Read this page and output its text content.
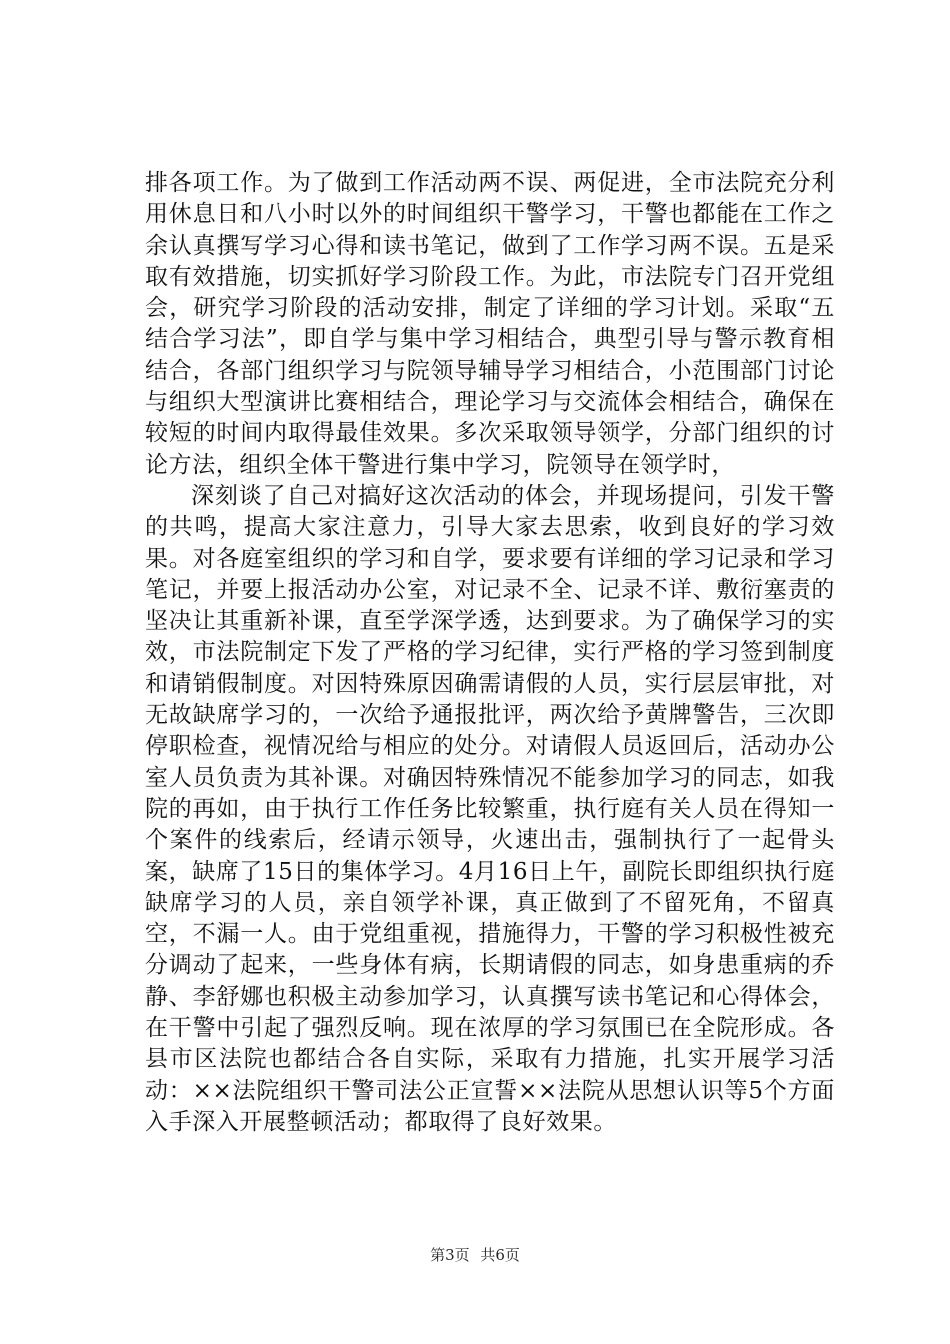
排各项工作。为了做到工作活动两不误、两促进，全市法院充分利用休息日和八小时以外的时间组织干警学习，干警也都能在工作之余认真撰写学习心得和读书笔记，做到了工作学习两不误。五是采取有效措施，切实抓好学习阶段工作。为此，市法院专门召开党组会，研究学习阶段的活动安排，制定了详细的学习计划。采取“五结合学习法”，即自学与集中学习相结合，典型引导与警示教育相结合，各部门组织学习与院领导辅导学习相结合，小范围部门讨论与组织大型演讲比赛相结合，理论学习与交流体会相结合，确保在较短的时间内取得最佳效果。多次采取领导领学，分部门组织的讨论方法，组织全体干警进行集中学习，院领导在领学时，

深刻谈了自己对搞好这次活动的体会，并现场提问，引发干警的共鸣，提高大家注意力，引导大家去思索，收到良好的学习效果。对各庭室组织的学习和自学，要求要有详细的学习记录和学习笔记，并要上报活动办公室，对记录不全、记录不详、敷衍塞责的坚决让其重新补课，直至学深学透，达到要求。为了确保学习的实效，市法院制定下发了严格的学习纪律，实行严格的学习签到制度和请销假制度。对因特殊原因确需请假的人员，实行层层审批，对无故缺席学习的，一次给予通报批评，两次给予黄牌警告，三次即停职检查，视情况给与相应的处分。对请假人员返回后，活动办公室人员负责为其补课。对确因特殊情况不能参加学习的同志，如我院的再如，由于执行工作任务比较繁重，执行庭有关人员在得知一个案件的线索后，经请示领导，火速出击，强制执行了一起骨头案，缺席了15日的集体学习。4月16日上午，副院长即组织执行庭缺席学习的人员，亲自领学补课，真正做到了不留死角，不留真空，不漏一人。由于党组重视，措施得力，干警的学习积极性被充分调动了起来，一些身体有病，长期请假的同志，如身患重病的乔静、李舒娜也积极主动参加学习，认真撰写读书笔记和心得体会，在干警中引起了强烈反响。现在浓厚的学习氛围已在全院形成。各县市区法院也都结合各自实际，采取有力措施，扎实开展学习活动：××法院组织干警司法公正宣誓××法院从思想认识等5个方面入手深入开展整顿活动；都取得了良好效果。

第3页 共6页
